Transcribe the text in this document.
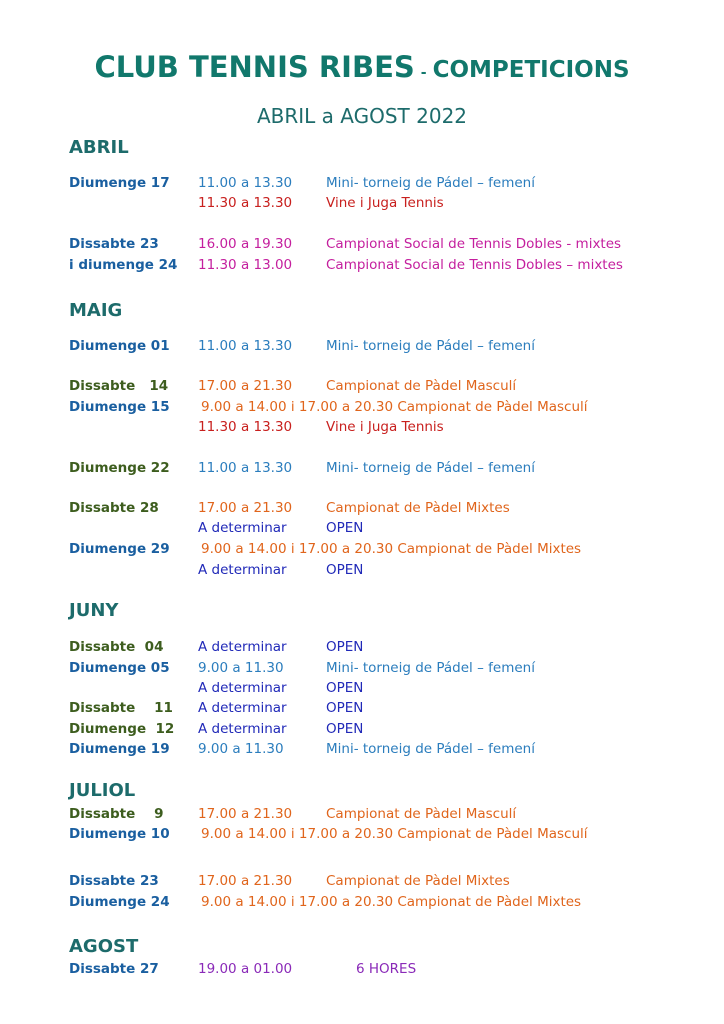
CLUB TENNIS RIBES - COMPETICIONS
ABRIL a AGOST 2022
ABRIL
MAIG
JUNY
JULIOL
AGOST
Diumenge 17 11.00 a 13.30	Mini- torneig de Pádel – femení
11.30 a 13.30	Vine i Juga Tennis
Dissabte 23	16.00 a 19.30	Campionat Social de Tennis Dobles - mixtes
i diumenge 24 11.30 a 13.00	Campionat Social de Tennis Dobles – mixtes
Diumenge 01 11.00 a 13.30	Mini- torneig de Pádel – femení
Dissabte   14 17.00 a 21.30	Campionat de Pàdel Masculí
Diumenge 15 9.00 a 14.00 i 17.00 a 20.30 Campionat de Pàdel Masculí
11.30 a 13.30	Vine i Juga Tennis
Diumenge 22 11.00 a 13.30	Mini- torneig de Pádel – femení
Dissabte 28	17.00 a 21.30	Campionat de Pàdel Mixtes
A determinar	OPEN
Diumenge 29 9.00 a 14.00 i 17.00 a 20.30 Campionat de Pàdel Mixtes
A determinar	OPEN
Dissabte  04	A determinar	OPEN
Diumenge 05 9.00 a 11.30	Mini- torneig de Pádel – femení
A determinar	OPEN
Dissabte    11 A determinar	OPEN
Diumenge  12 A determinar	OPEN
Diumenge 19 9.00 a 11.30	Mini- torneig de Pádel – femení
Dissabte    9	17.00 a 21.30	Campionat de Pàdel Masculí
Diumenge 10 9.00 a 14.00 i 17.00 a 20.30 Campionat de Pàdel Masculí
Dissabte 23	17.00 a 21.30	Campionat de Pàdel Mixtes
Diumenge 24 9.00 a 14.00 i 17.00 a 20.30 Campionat de Pàdel Mixtes
Dissabte 27	19.00 a 01.00	6 HORES
